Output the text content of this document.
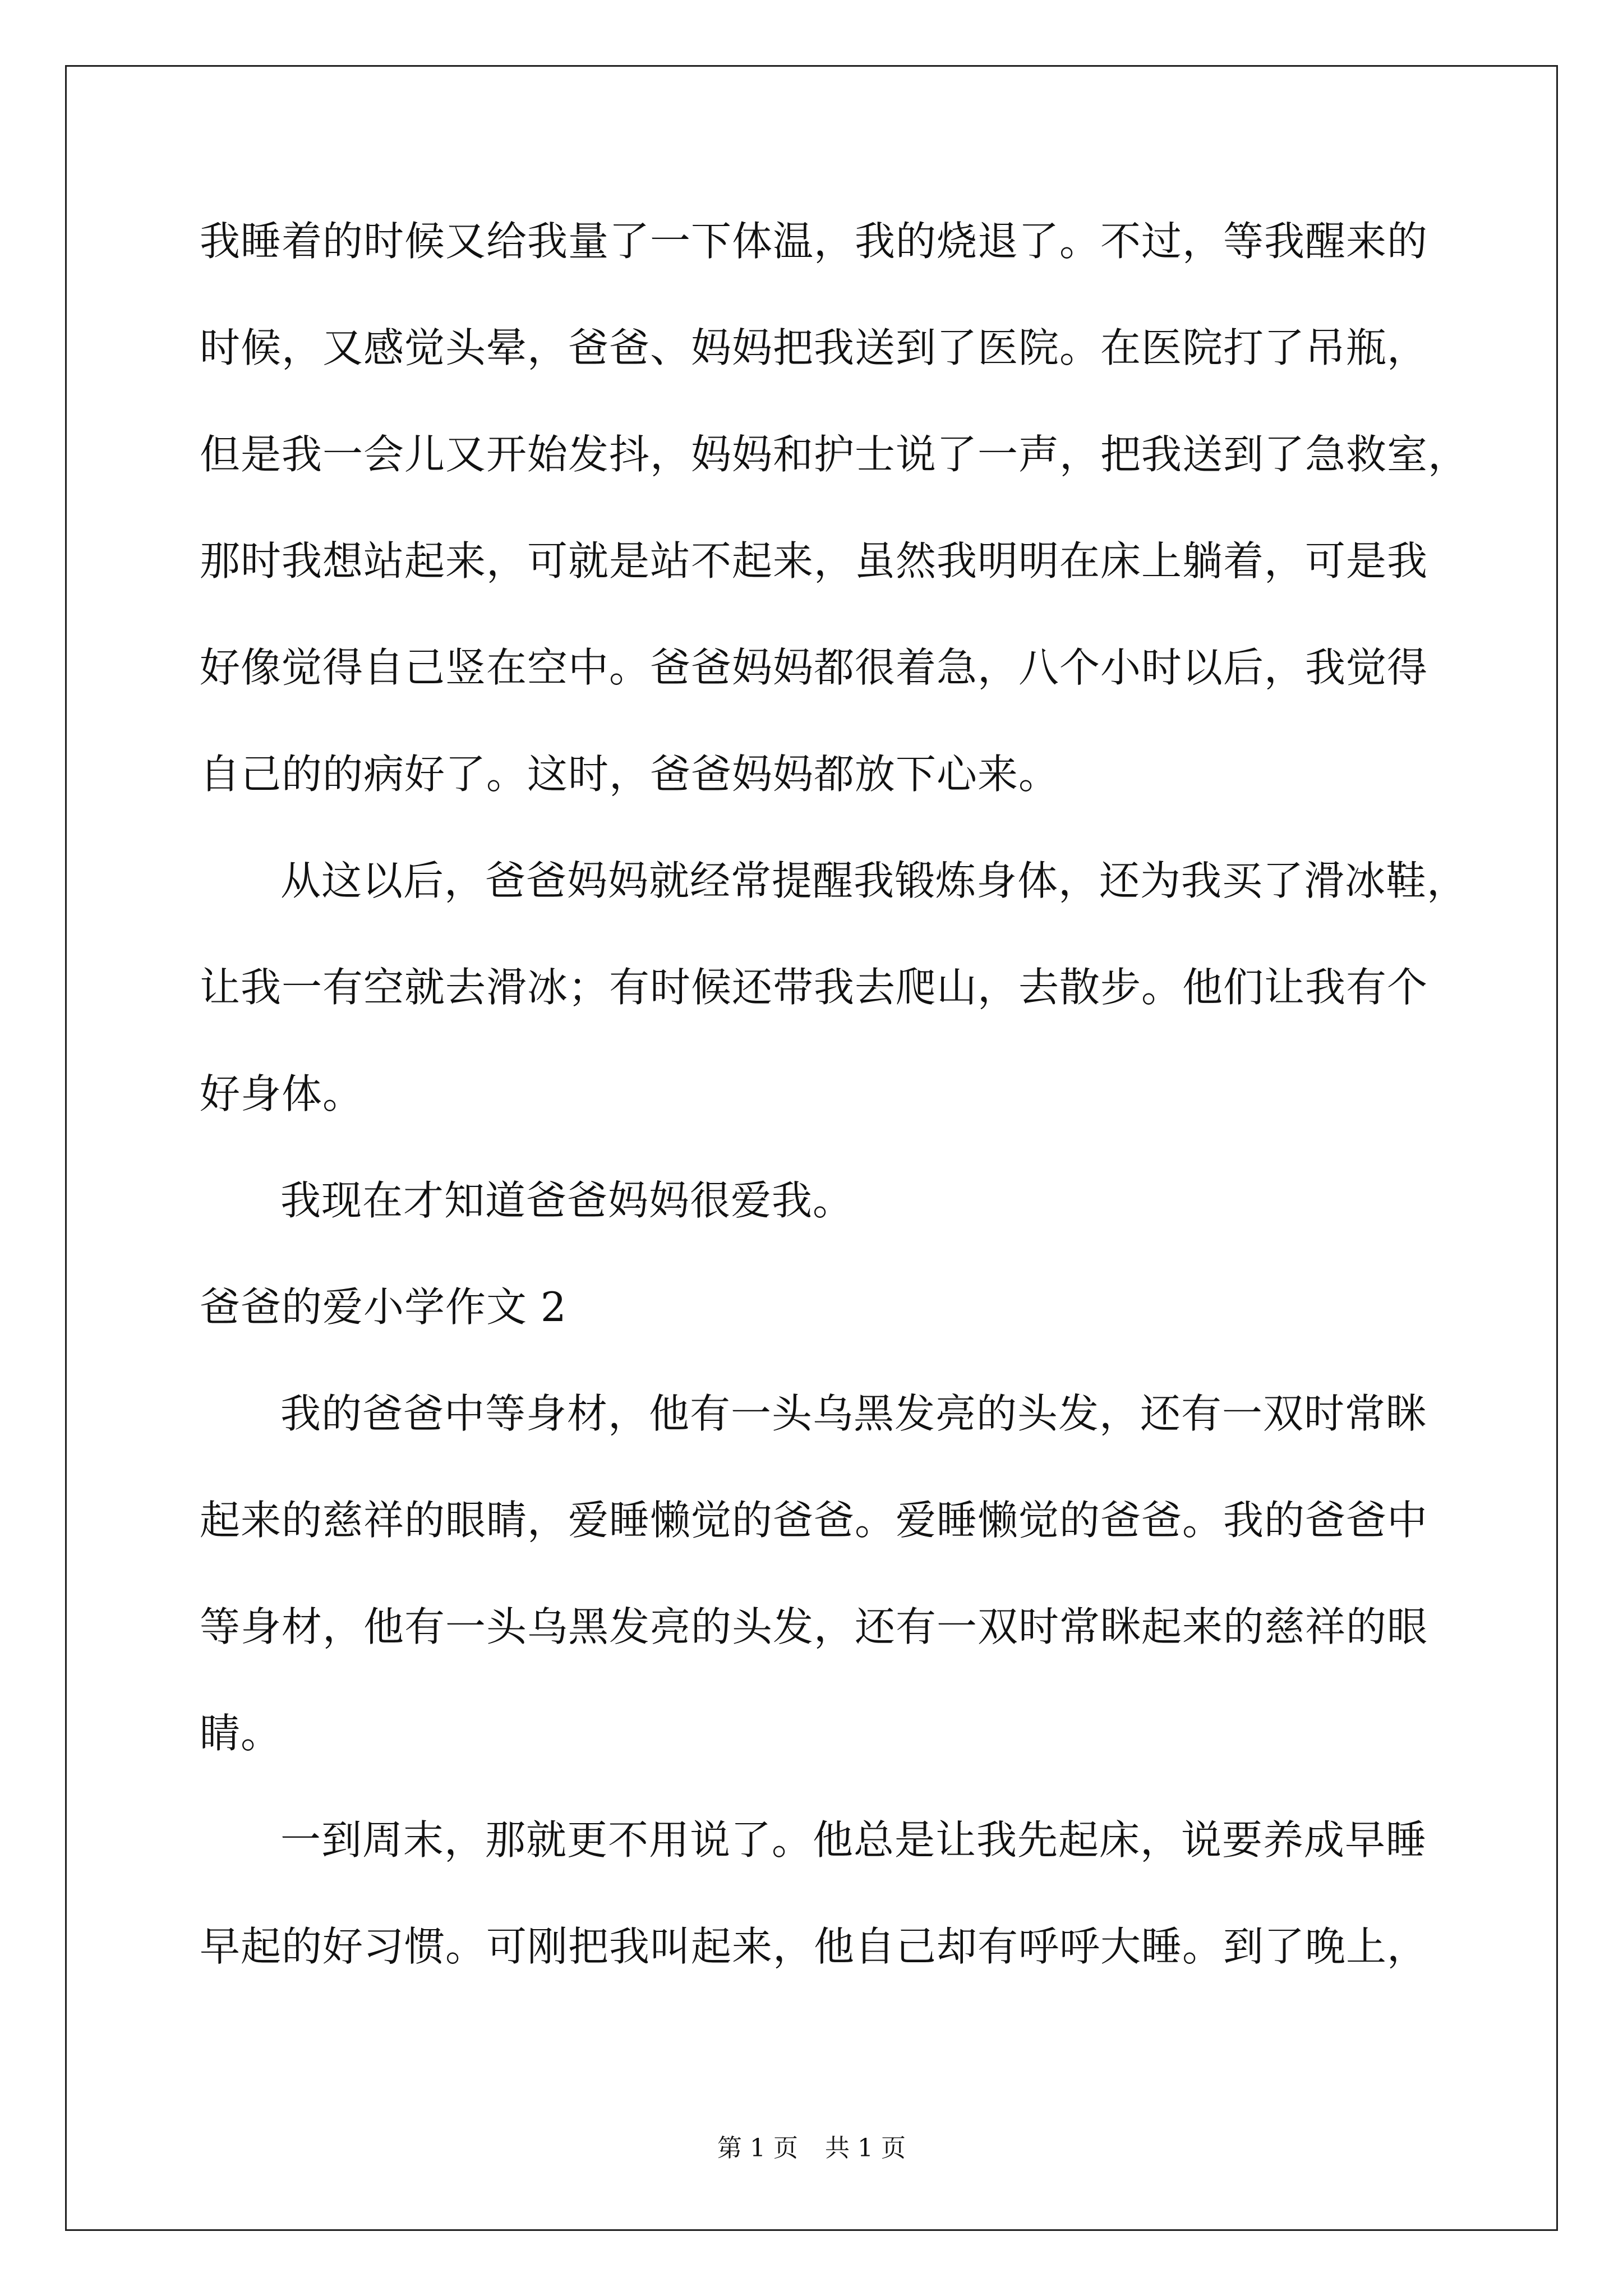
我睡着的时候又给我量了一下体温，我的烧退了。不过，等我醒来的
时候，又感觉头晕，爸爸、妈妈把我送到了医院。在医院打了吊瓶，
但是我一会儿又开始发抖，妈妈和护士说了一声，把我送到了急救室，
那时我想站起来，可就是站不起来，虽然我明明在床上躺着，可是我
好像觉得自己竖在空中。爸爸妈妈都很着急，八个小时以后，我觉得
自己的的病好了。这时，爸爸妈妈都放下心来。
从这以后，爸爸妈妈就经常提醒我锻炼身体，还为我买了滑冰鞋，
让我一有空就去滑冰；有时候还带我去爬山，去散步。他们让我有个
好身体。
我现在才知道爸爸妈妈很爱我。
爸爸的爱小学作文 2
我的爸爸中等身材，他有一头乌黑发亮的头发，还有一双时常眯
起来的慈祥的眼睛，爱睡懒觉的爸爸。爱睡懒觉的爸爸。我的爸爸中
等身材，他有一头乌黑发亮的头发，还有一双时常眯起来的慈祥的眼
睛。
一到周末，那就更不用说了。他总是让我先起床，说要养成早睡
早起的好习惯。可刚把我叫起来，他自己却有呼呼大睡。到了晚上，
第 1 页 共 1 页
